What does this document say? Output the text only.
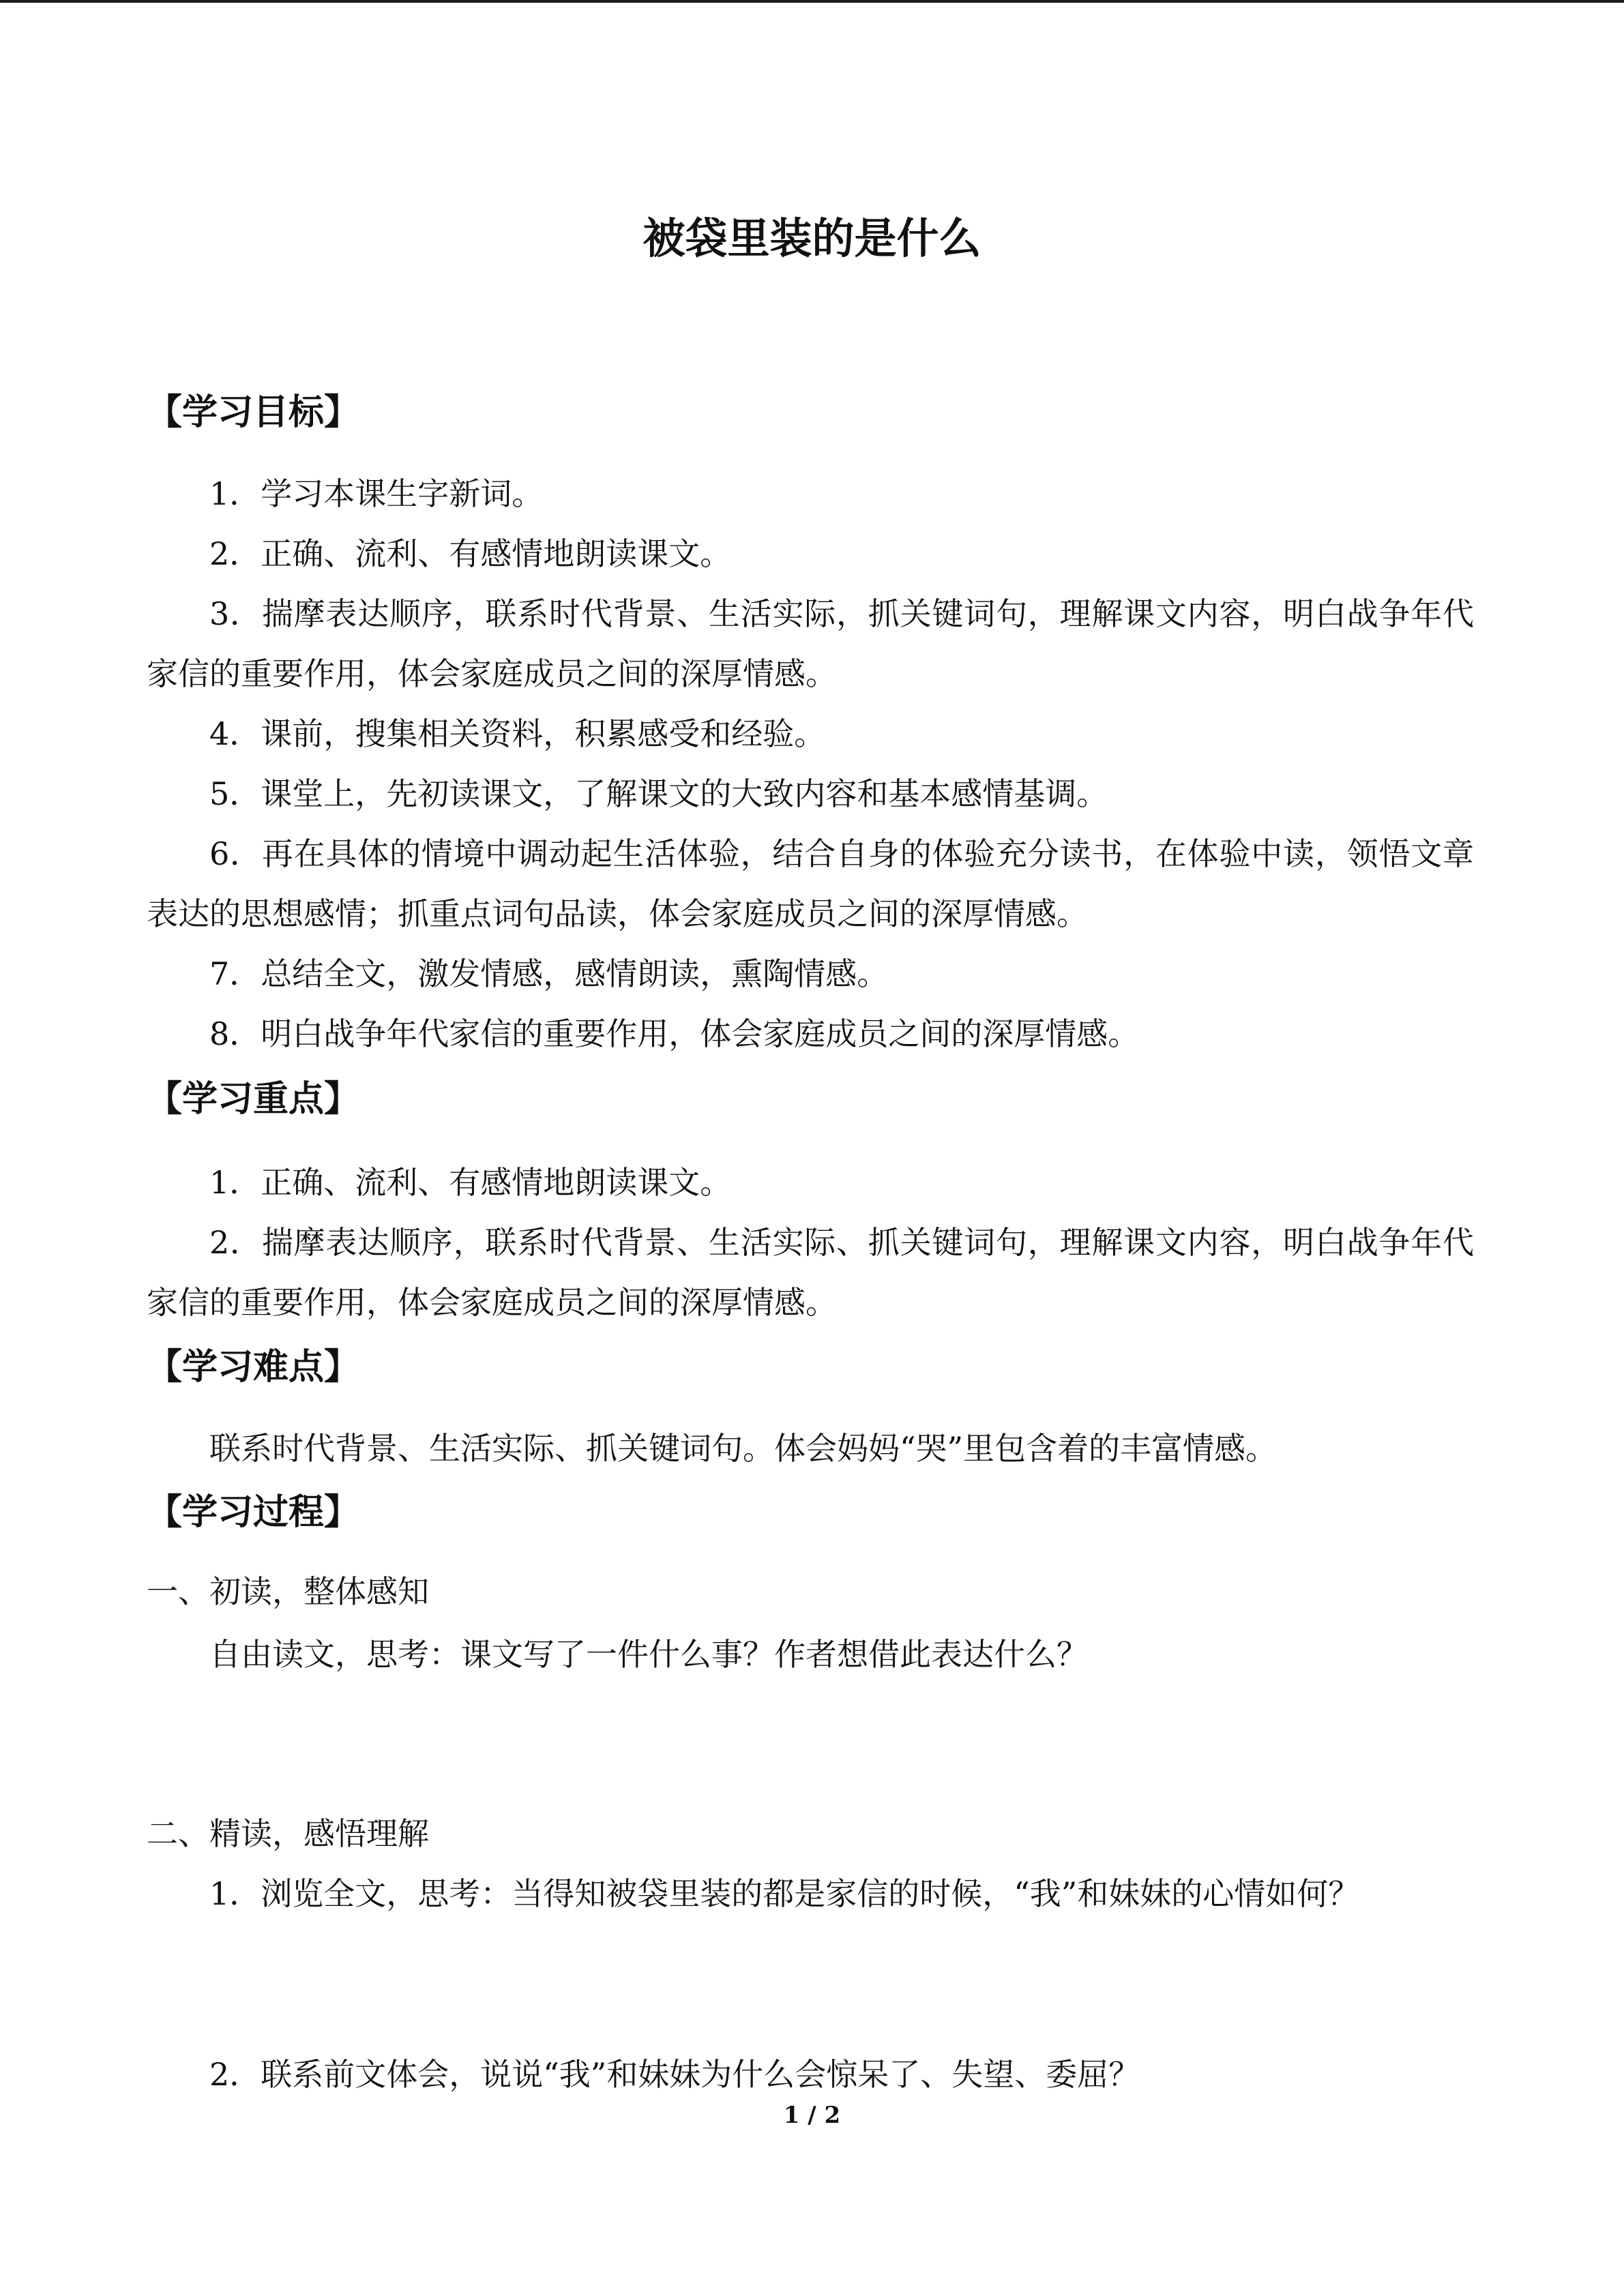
被袋里装的是什么
【学习目标】
1．学习本课生字新词。
2．正确、流利、有感情地朗读课文。
3．揣摩表达顺序，联系时代背景、生活实际，抓关键词句，理解课文内容，明白战争年代家信的重要作用，体会家庭成员之间的深厚情感。
4．课前，搜集相关资料，积累感受和经验。
5．课堂上，先初读课文，了解课文的大致内容和基本感情基调。
6．再在具体的情境中调动起生活体验，结合自身的体验充分读书，在体验中读，领悟文章表达的思想感情；抓重点词句品读，体会家庭成员之间的深厚情感。
7．总结全文，激发情感，感情朗读，熏陶情感。
8．明白战争年代家信的重要作用，体会家庭成员之间的深厚情感。
【学习重点】
1．正确、流利、有感情地朗读课文。
2．揣摩表达顺序，联系时代背景、生活实际、抓关键词句，理解课文内容，明白战争年代家信的重要作用，体会家庭成员之间的深厚情感。
【学习难点】
联系时代背景、生活实际、抓关键词句。体会妈妈“哭”里包含着的丰富情感。
【学习过程】
一、初读，整体感知
自由读文，思考：课文写了一件什么事？作者想借此表达什么？
二、精读，感悟理解
1．浏览全文，思考：当得知被袋里装的都是家信的时候，“我”和妹妹的心情如何？
2．联系前文体会，说说“我”和妹妹为什么会惊呆了、失望、委屈？
1 / 2
